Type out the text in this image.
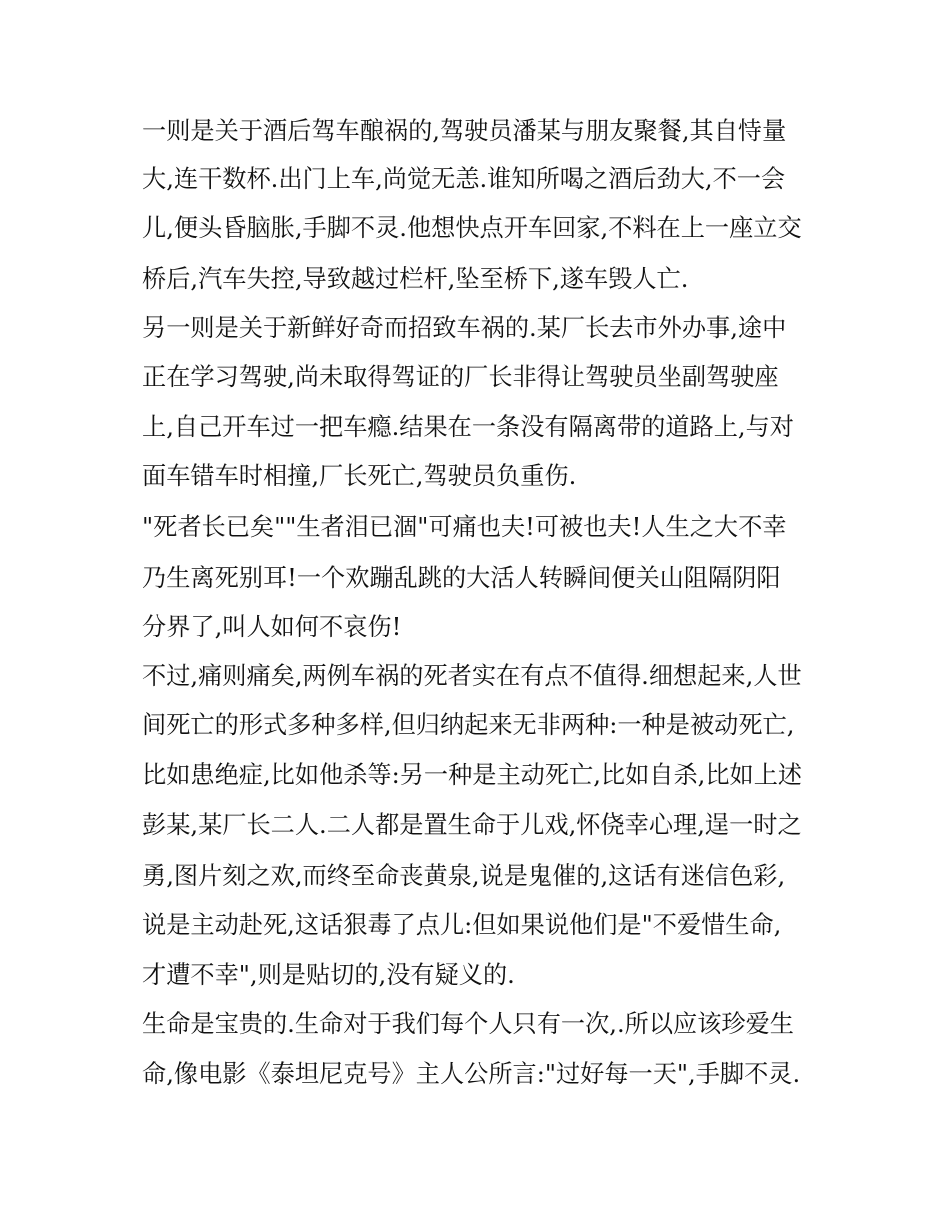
一则是关于酒后驾车酿祸的,驾驶员潘某与朋友聚餐,其自恃量

大,连干数杯.出门上车,尚觉无恙.谁知所喝之酒后劲大,不一会

儿,便头昏脑胀,手脚不灵.他想快点开车回家,不料在上一座立交

桥后,汽车失控,导致越过栏杆,坠至桥下,遂车毁人亡.

另一则是关于新鲜好奇而招致车祸的.某厂长去市外办事,途中

正在学习驾驶,尚未取得驾证的厂长非得让驾驶员坐副驾驶座

上,自己开车过一把车瘾.结果在一条没有隔离带的道路上,与对

面车错车时相撞,厂长死亡,驾驶员负重伤.

"死者长已矣""生者泪已涸"可痛也夫!可被也夫!人生之大不幸

乃生离死别耳!一个欢蹦乱跳的大活人转瞬间便关山阻隔阴阳

分界了,叫人如何不哀伤!

不过,痛则痛矣,两例车祸的死者实在有点不值得.细想起来,人世

间死亡的形式多种多样,但归纳起来无非两种:一种是被动死亡,

比如患绝症,比如他杀等:另一种是主动死亡,比如自杀,比如上述

彭某,某厂长二人.二人都是置生命于儿戏,怀侥幸心理,逞一时之

勇,图片刻之欢,而终至命丧黄泉,说是鬼催的,这话有迷信色彩,

说是主动赴死,这话狠毒了点儿:但如果说他们是"不爱惜生命,

才遭不幸",则是贴切的,没有疑义的.

生命是宝贵的.生命对于我们每个人只有一次,.所以应该珍爱生

命,像电影《泰坦尼克号》主人公所言:"过好每一天",手脚不灵.
